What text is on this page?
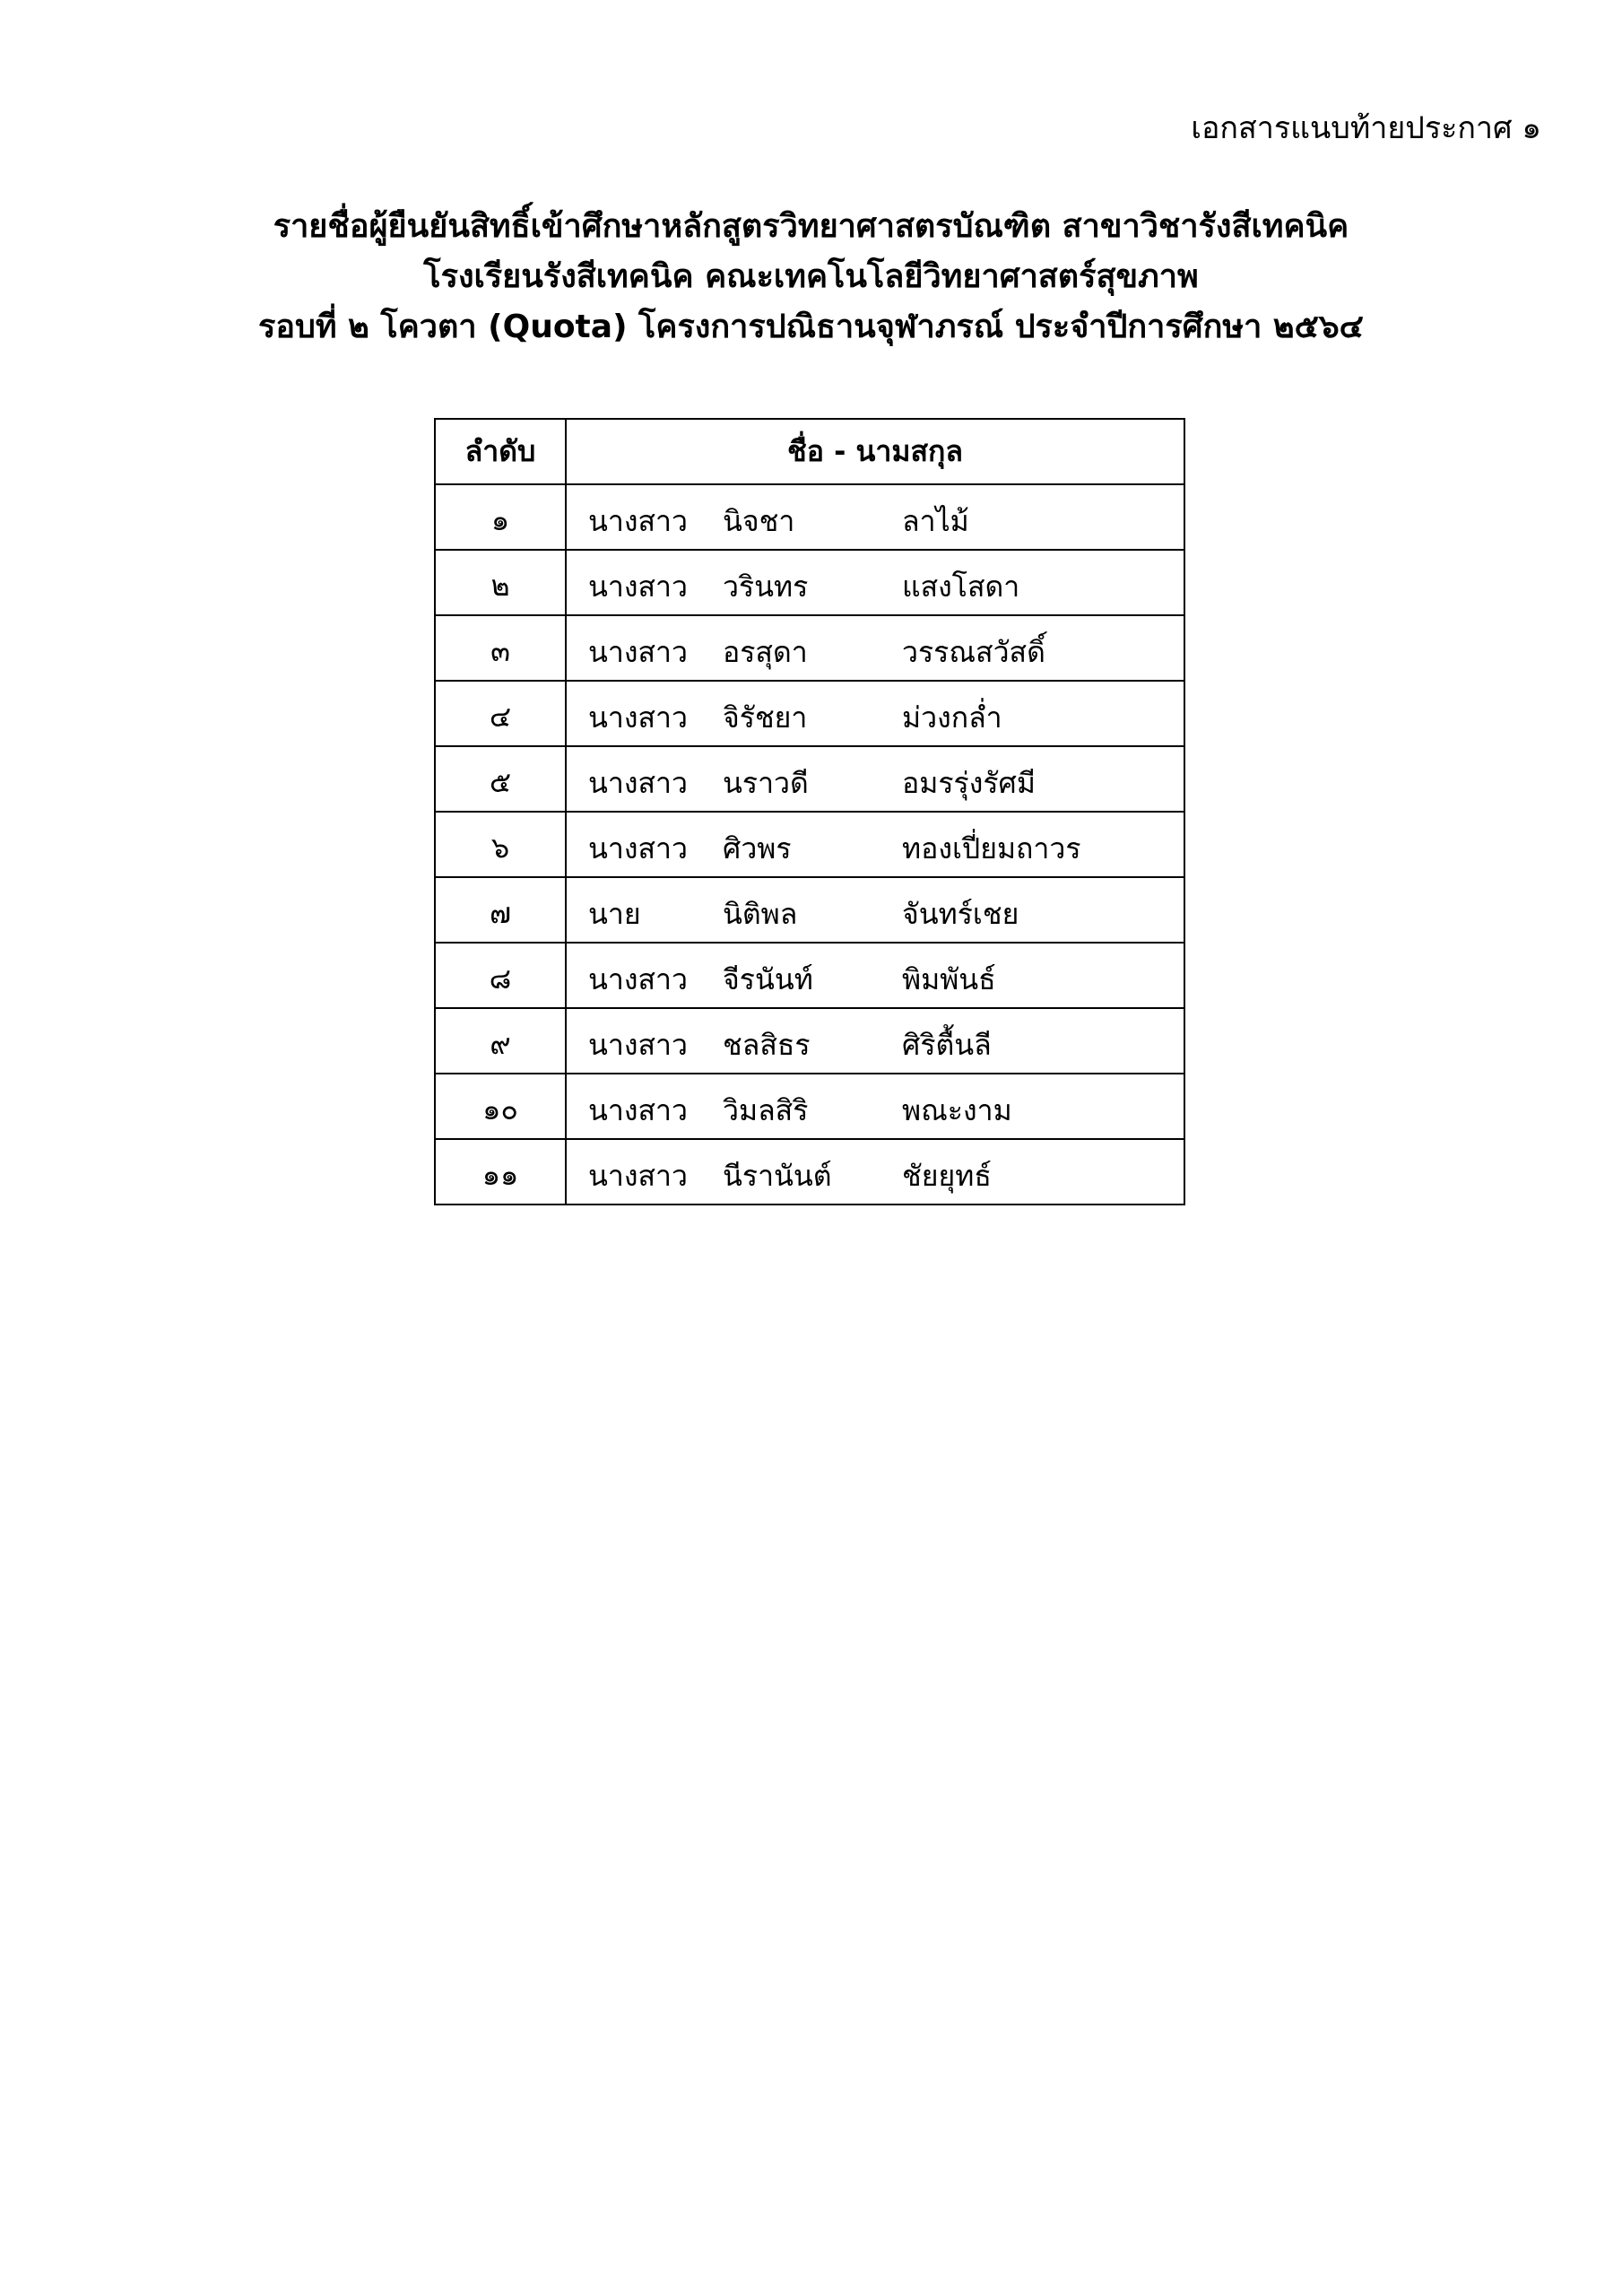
เอกสารแนบท้ายประกาศ ๑
รายชื่อผู้ยืนยันสิทธิ์เข้าศึกษาหลักสูตรวิทยาศาสตรบัณฑิต สาขาวิชารังสีเทคนิค
โรงเรียนรังสีเทคนิค คณะเทคโนโลยีวิทยาศาสตร์สุขภาพ
รอบที่ ๒ โควตา (Quota) โครงการปณิธานจุฬาภรณ์ ประจำปีการศึกษา ๒๕๖๔
ลำดับ	ชื่อ - นามสกุล
๑	นางสาว นิจชา ลาไม้
๒	นางสาว วรินทร แสงโสดา
๓	นางสาว อรสุดา วรรณสวัสดิ์
๔	นางสาว จิรัชยา ม่วงกล่ำ
๕	นางสาว นราวดี อมรรุ่งรัศมี
๖	นางสาว ศิวพร ทองเปี่ยมถาวร
๗	นาย นิติพล จันทร์เชย
๘	นางสาว จีรนันท์ พิมพันธ์
๙	นางสาว ชลสิธร ศิริตื้นลี
๑๐	นางสาว วิมลสิริ พณะงาม
๑๑	นางสาว นีรานันต์ ชัยยุทธ์
